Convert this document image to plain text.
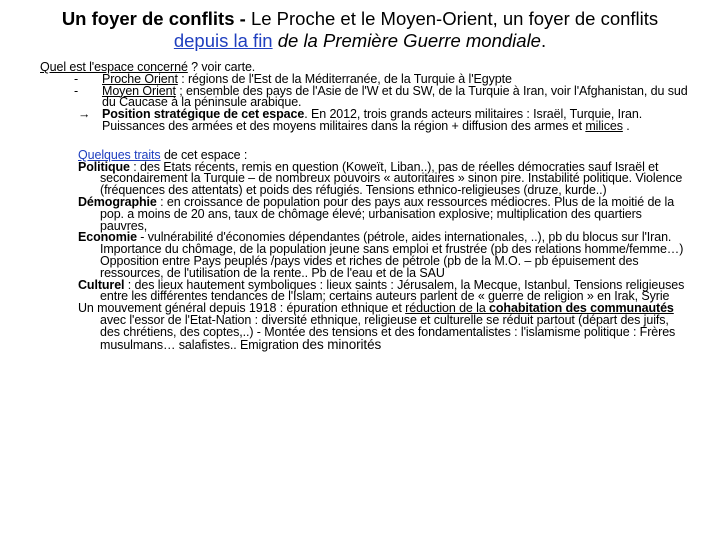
Un foyer de conflits - Le Proche et le Moyen-Orient, un foyer de conflits depuis la fin de la Première Guerre mondiale.
Quel est l'espace concerné ? voir carte.
- Proche Orient : régions de l'Est de la Méditerranée, de la Turquie à l'Egypte
- Moyen Orient ; ensemble des pays de l'Asie de l'W et du SW, de la Turquie à Iran, voir l'Afghanistan, du sud du Caucase à la péninsule arabique.
→ Position stratégique de cet espace. En 2012, trois grands acteurs militaires : Israël, Turquie, Iran. Puissances des armées et des moyens militaires dans la région + diffusion des armes et milices .
Quelques traits de cet espace :
Politique : des Etats récents, remis en question (Koweït, Liban..), pas de réelles démocraties sauf Israël et secondairement la Turquie – de nombreux pouvoirs « autoritaires » sinon pire. Instabilité politique. Violence (fréquences des attentats) et poids des réfugiés. Tensions ethnico-religieuses (druze, kurde..)
Démographie : en croissance de population pour des pays aux ressources médiocres. Plus de la moitié de la pop. a moins de 20 ans, taux de chômage élevé; urbanisation explosive; multiplication des quartiers pauvres,
Economie - vulnérabilité d'économies dépendantes (pétrole, aides internationales, ..), pb du blocus sur l'Iran. Importance du chômage, de la population jeune sans emploi et frustrée (pb des relations homme/femme…) Opposition entre Pays peuplés /pays vides et riches de pétrole (pb de la M.O. – pb épuisement des ressources, de l'utilisation de la rente.. Pb de l'eau et de la SAU
Culturel : des lieux hautement symboliques : lieux saints : Jérusalem, la Mecque, Istanbul. Tensions religieuses entre les différentes tendances de l'Islam; certains auteurs parlent de « guerre de religion » en Irak, Syrie
Un mouvement général depuis 1918 : épuration ethnique et réduction de la cohabitation des communautés avec l'essor de l'Etat-Nation : diversité ethnique, religieuse et culturelle se réduit partout (départ des juifs, des chrétiens, des coptes,..) - Montée des tensions et des fondamentalistes : l'islamisme politique : Frères musulmans… salafistes.. Emigration des minorités
